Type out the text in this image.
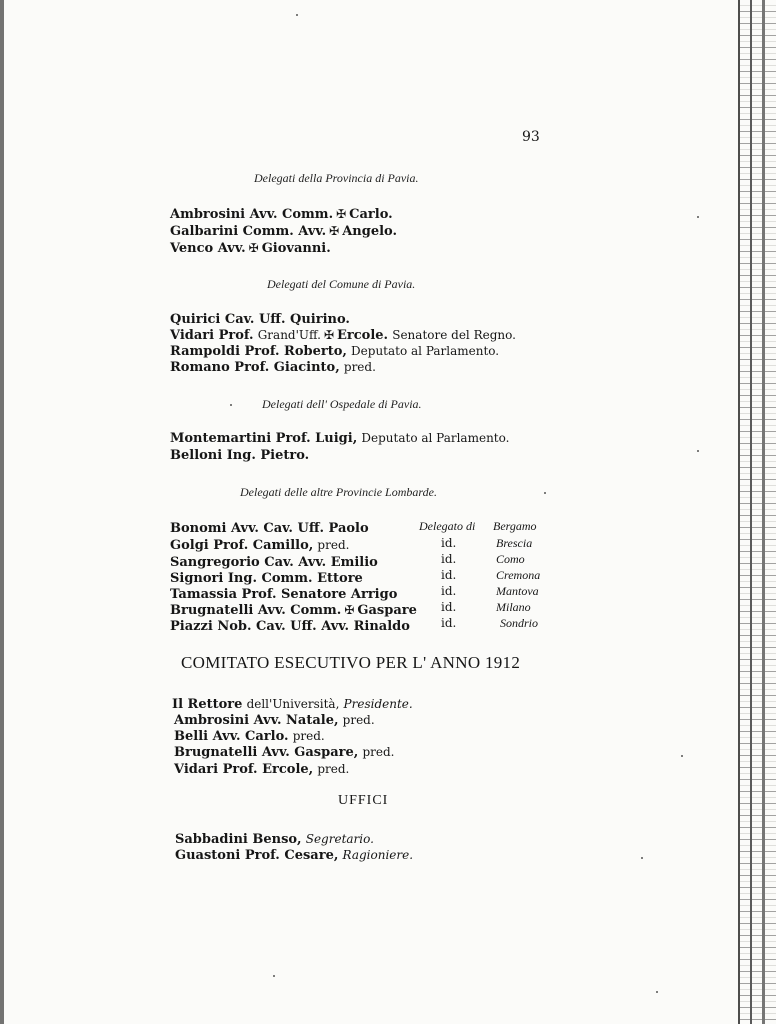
93
Delegati della Provincia di Pavia.
Ambrosini Avv. Comm. ✠ Carlo.
Galbarini Comm. Avv. ✠ Angelo.
Venco Avv. ✠ Giovanni.
Delegati del Comune di Pavia.
Quirici Cav. Uff. Quirino.
Vidari Prof. Grand'Uff. ✠ Ercole. Senatore del Regno.
Rampoldi Prof. Roberto, Deputato al Parlamento.
Romano Prof. Giacinto, pred.
Delegati dell' Ospedale di Pavia.
Montemartini Prof. Luigi, Deputato al Parlamento.
Belloni Ing. Pietro.
Delegati delle altre Provincie Lombarde.
Bonomi Avv. Cav. Uff. Paolo	Delegato di Bergamo
Golgi Prof. Camillo, pred.	id.	Brescia
Sangregorio Cav. Avv. Emilio	id.	Como
Signori Ing. Comm. Ettore	id.	Cremona
Tamassia Prof. Senatore Arrigo	id.	Mantova
Brugnatelli Avv. Comm. ✠ Gaspare id.	Milano
Piazzi Nob. Cav. Uff. Avv. Rinaldo	id.	Sondrio
COMITATO ESECUTIVO PER L' ANNO 1912
Il Rettore dell'Università, Presidente.
Ambrosini Avv. Natale, pred.
Belli Avv. Carlo. pred.
Brugnatelli Avv. Gaspare, pred.
Vidari Prof. Ercole, pred.
UFFICI
Sabbadini Benso, Segretario.
Guastoni Prof. Cesare, Ragioniere.
